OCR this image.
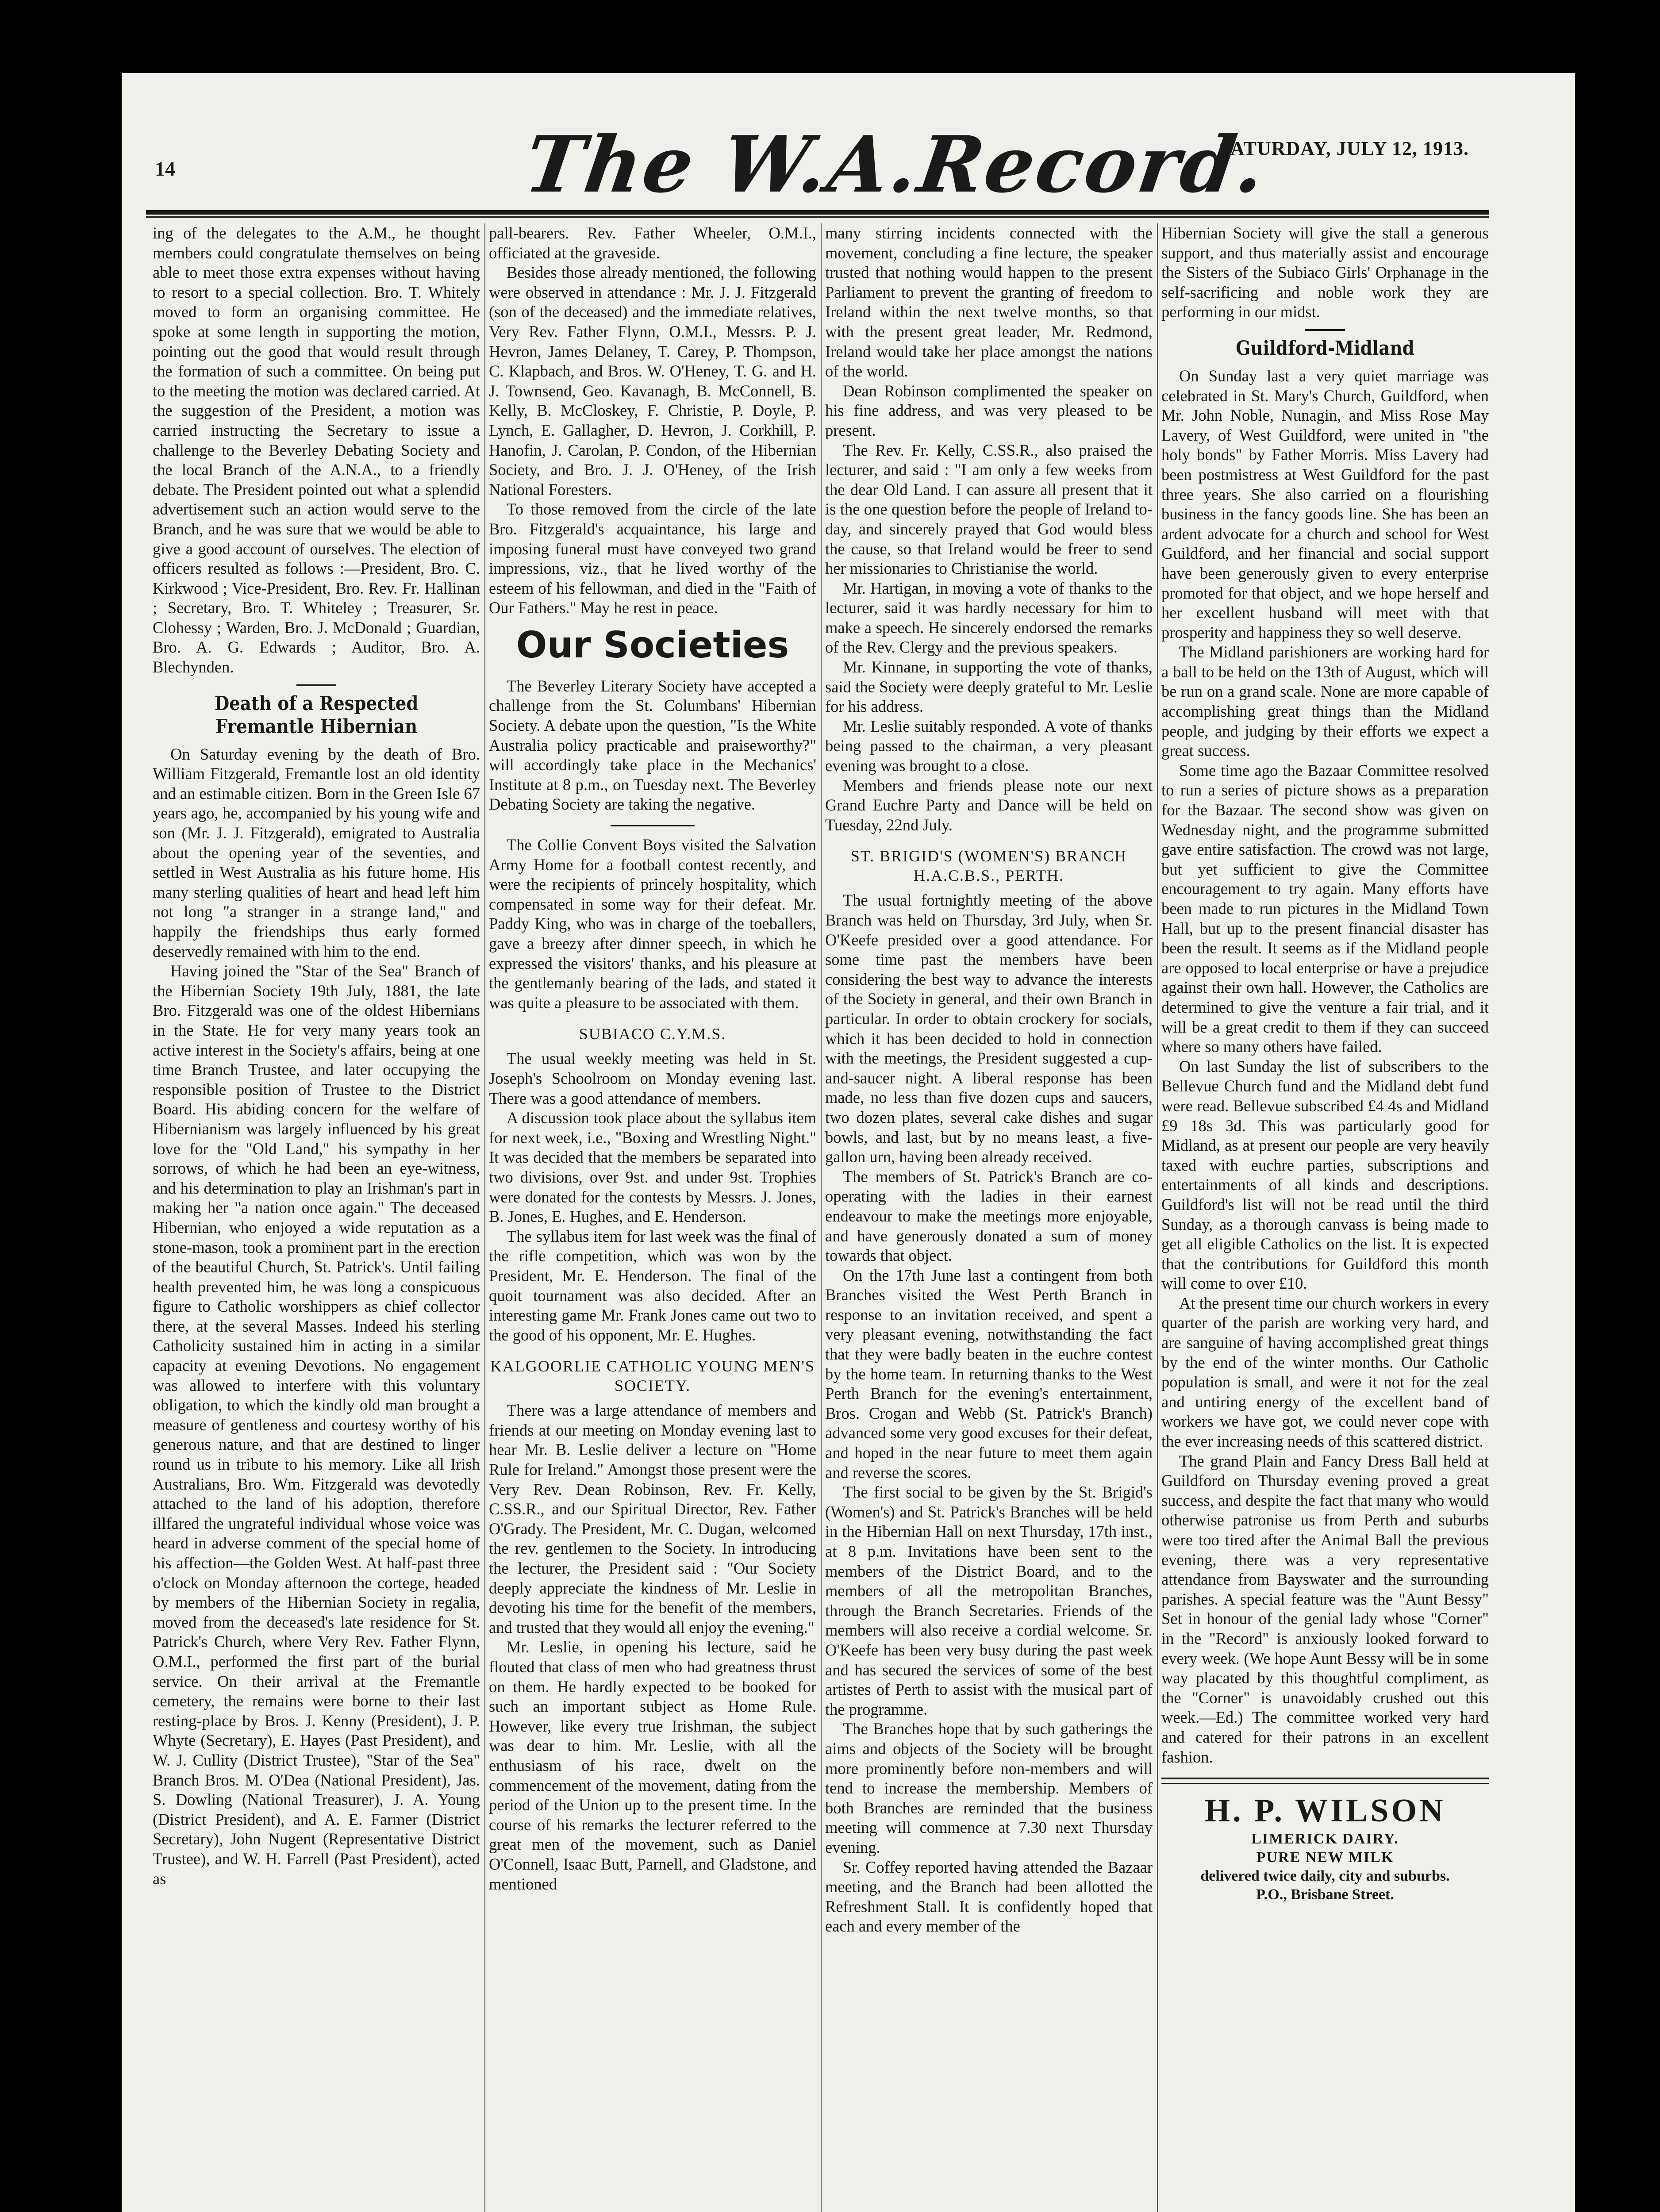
14	The W.A.Record.
SATURDAY, JULY 12, 1913.

ing of the delegates to the A.M., he thought members could congratulate themselves on being able to meet those extra expenses without having to resort to a special collection. Bro. T. Whitely moved to form an organising committee. He spoke at some length in supporting the motion, pointing out the good that would result through the formation of such a committee. On being put to the meeting the motion was declared carried. At the suggestion of the President, a motion was carried instructing the Secretary to issue a challenge to the Beverley Debating Society and the local Branch of the A.N.A., to a friendly debate. The President pointed out what a splendid advertisement such an action would serve to the Branch, and he was sure that we would be able to give a good account of ourselves. The election of officers resulted as follows :—President, Bro. C. Kirkwood ; Vice-President, Bro. Rev. Fr. Hallinan ; Secretary, Bro. T. Whiteley ; Treasurer, Sr. Clohessy ; Warden, Bro. J. McDonald ; Guardian, Bro. A. G. Edwards ; Auditor, Bro. A. Blechynden.

Death of a Respected Fremantle Hibernian

On Saturday evening by the death of Bro. William Fitzgerald, Fremantle lost an old identity and an estimable citizen. Born in the Green Isle 67 years ago, he, accompanied by his young wife and son (Mr. J. J. Fitzgerald), emigrated to Australia about the opening year of the seventies, and settled in West Australia as his future home. His many sterling qualities of heart and head left him not long "a stranger in a strange land," and happily the friendships thus early formed deservedly remained with him to the end.

Having joined the "Star of the Sea" Branch of the Hibernian Society 19th July, 1881, the late Bro. Fitzgerald was one of the oldest Hibernians in the State. He for very many years took an active interest in the Society's affairs, being at one time Branch Trustee, and later occupying the responsible position of Trustee to the District Board. His abiding concern for the welfare of Hibernianism was largely influenced by his great love for the "Old Land," his sympathy in her sorrows, of which he had been an eye-witness, and his determination to play an Irishman's part in making her "a nation once again." The deceased Hibernian, who enjoyed a wide reputation as a stone-mason, took a prominent part in the erection of the beautiful Church, St. Patrick's. Until failing health prevented him, he was long a conspicuous figure to Catholic worshippers as chief collector there, at the several Masses. Indeed his sterling Catholicity sustained him in acting in a similar capacity at evening Devotions. No engagement was allowed to interfere with this voluntary obligation, to which the kindly old man brought a measure of gentleness and courtesy worthy of his generous nature, and that are destined to linger round us in tribute to his memory. Like all Irish Australians, Bro. Wm. Fitzgerald was devotedly attached to the land of his adoption, therefore illfared the ungrateful individual whose voice was heard in adverse comment of the special home of his affection—the Golden West. At half-past three o'clock on Monday afternoon the cortege, headed by members of the Hibernian Society in regalia, moved from the deceased's late residence for St. Patrick's Church, where Very Rev. Father Flynn, O.M.I., performed the first part of the burial service. On their arrival at the Fremantle cemetery, the remains were borne to their last resting-place by Bros. J. Kenny (President), J. P. Whyte (Secretary), E. Hayes (Past President), and W. J. Cullity (District Trustee), "Star of the Sea" Branch Bros. M. O'Dea (National President), Jas. S. Dowling (National Treasurer), J. A. Young (District President), and A. E. Farmer (District Secretary), John Nugent (Representative District Trustee), and W. H. Farrell (Past President), acted as

pall-bearers. Rev. Father Wheeler, O.M.I., officiated at the graveside.

Besides those already mentioned, the following were observed in attendance : Mr. J. J. Fitzgerald (son of the deceased) and the immediate relatives, Very Rev. Father Flynn, O.M.I., Messrs. P. J. Hevron, James Delaney, T. Carey, P. Thompson, C. Klapbach, and Bros. W. O'Heney, T. G. and H. J. Townsend, Geo. Kavanagh, B. McConnell, B. Kelly, B. McCloskey, F. Christie, P. Doyle, P. Lynch, E. Gallagher, D. Hevron, J. Corkhill, P. Hanofin, J. Carolan, P. Condon, of the Hibernian Society, and Bro. J. J. O'Heney, of the Irish National Foresters.

To those removed from the circle of the late Bro. Fitzgerald's acquaintance, his large and imposing funeral must have conveyed two grand impressions, viz., that he lived worthy of the esteem of his fellowman, and died in the "Faith of Our Fathers." May he rest in peace.

Our Societies

The Beverley Literary Society have accepted a challenge from the St. Columbans' Hibernian Society. A debate upon the question, "Is the White Australia policy practicable and praiseworthy?" will accordingly take place in the Mechanics' Institute at 8 p.m., on Tuesday next. The Beverley Debating Society are taking the negative.

The Collie Convent Boys visited the Salvation Army Home for a football contest recently, and were the recipients of princely hospitality, which compensated in some way for their defeat. Mr. Paddy King, who was in charge of the toeballers, gave a breezy after dinner speech, in which he expressed the visitors' thanks, and his pleasure at the gentlemanly bearing of the lads, and stated it was quite a pleasure to be associated with them.

SUBIACO C.Y.M.S.

The usual weekly meeting was held in St. Joseph's Schoolroom on Monday evening last. There was a good attendance of members.

A discussion took place about the syllabus item for next week, i.e., "Boxing and Wrestling Night." It was decided that the members be separated into two divisions, over 9st. and under 9st. Trophies were donated for the contests by Messrs. J. Jones, B. Jones, E. Hughes, and E. Henderson.

The syllabus item for last week was the final of the rifle competition, which was won by the President, Mr. E. Henderson. The final of the quoit tournament was also decided. After an interesting game Mr. Frank Jones came out two to the good of his opponent, Mr. E. Hughes.

KALGOORLIE CATHOLIC YOUNG MEN'S SOCIETY.

There was a large attendance of members and friends at our meeting on Monday evening last to hear Mr. B. Leslie deliver a lecture on "Home Rule for Ireland." Amongst those present were the Very Rev. Dean Robinson, Rev. Fr. Kelly, C.SS.R., and our Spiritual Director, Rev. Father O'Grady. The President, Mr. C. Dugan, welcomed the rev. gentlemen to the Society. In introducing the lecturer, the President said : "Our Society deeply appreciate the kindness of Mr. Leslie in devoting his time for the benefit of the members, and trusted that they would all enjoy the evening."

Mr. Leslie, in opening his lecture, said he flouted that class of men who had greatness thrust on them. He hardly expected to be booked for such an important subject as Home Rule. However, like every true Irishman, the subject was dear to him. Mr. Leslie, with all the enthusiasm of his race, dwelt on the commencement of the movement, dating from the period of the Union up to the present time. In the course of his remarks the lecturer referred to the great men of the movement, such as Daniel O'Connell, Isaac Butt, Parnell, and Gladstone, and mentioned

many stirring incidents connected with the movement, concluding a fine lecture, the speaker trusted that nothing would happen to the present Parliament to prevent the granting of freedom to Ireland within the next twelve months, so that with the present great leader, Mr. Redmond, Ireland would take her place amongst the nations of the world.

Dean Robinson complimented the speaker on his fine address, and was very pleased to be present.

The Rev. Fr. Kelly, C.SS.R., also praised the lecturer, and said : "I am only a few weeks from the dear Old Land. I can assure all present that it is the one question before the people of Ireland to-day, and sincerely prayed that God would bless the cause, so that Ireland would be freer to send her missionaries to Christianise the world.

Mr. Hartigan, in moving a vote of thanks to the lecturer, said it was hardly necessary for him to make a speech. He sincerely endorsed the remarks of the Rev. Clergy and the previous speakers.

Mr. Kinnane, in supporting the vote of thanks, said the Society were deeply grateful to Mr. Leslie for his address.

Mr. Leslie suitably responded. A vote of thanks being passed to the chairman, a very pleasant evening was brought to a close.

Members and friends please note our next Grand Euchre Party and Dance will be held on Tuesday, 22nd July.

ST. BRIGID'S (WOMEN'S) BRANCH H.A.C.B.S., PERTH.

The usual fortnightly meeting of the above Branch was held on Thursday, 3rd July, when Sr. O'Keefe presided over a good attendance. For some time past the members have been considering the best way to advance the interests of the Society in general, and their own Branch in particular. In order to obtain crockery for socials, which it has been decided to hold in connection with the meetings, the President suggested a cup-and-saucer night. A liberal response has been made, no less than five dozen cups and saucers, two dozen plates, several cake dishes and sugar bowls, and last, but by no means least, a five-gallon urn, having been already received.

The members of St. Patrick's Branch are co-operating with the ladies in their earnest endeavour to make the meetings more enjoyable, and have generously donated a sum of money towards that object.

On the 17th June last a contingent from both Branches visited the West Perth Branch in response to an invitation received, and spent a very pleasant evening, notwithstanding the fact that they were badly beaten in the euchre contest by the home team. In returning thanks to the West Perth Branch for the evening's entertainment, Bros. Crogan and Webb (St. Patrick's Branch) advanced some very good excuses for their defeat, and hoped in the near future to meet them again and reverse the scores.

The first social to be given by the St. Brigid's (Women's) and St. Patrick's Branches will be held in the Hibernian Hall on next Thursday, 17th inst., at 8 p.m. Invitations have been sent to the members of the District Board, and to the members of all the metropolitan Branches, through the Branch Secretaries. Friends of the members will also receive a cordial welcome. Sr. O'Keefe has been very busy during the past week and has secured the services of some of the best artistes of Perth to assist with the musical part of the programme.

The Branches hope that by such gatherings the aims and objects of the Society will be brought more prominently before non-members and will tend to increase the membership. Members of both Branches are reminded that the business meeting will commence at 7.30 next Thursday evening.

Sr. Coffey reported having attended the Bazaar meeting, and the Branch had been allotted the Refreshment Stall. It is confidently hoped that each and every member of the

Hibernian Society will give the stall a generous support, and thus materially assist and encourage the Sisters of the Subiaco Girls' Orphanage in the self-sacrificing and noble work they are performing in our midst.

Guildford-Midland

On Sunday last a very quiet marriage was celebrated in St. Mary's Church, Guildford, when Mr. John Noble, Nunagin, and Miss Rose May Lavery, of West Guildford, were united in "the holy bonds" by Father Morris. Miss Lavery had been postmistress at West Guildford for the past three years. She also carried on a flourishing business in the fancy goods line. She has been an ardent advocate for a church and school for West Guildford, and her financial and social support have been generously given to every enterprise promoted for that object, and we hope herself and her excellent husband will meet with that prosperity and happiness they so well deserve.

The Midland parishioners are working hard for a ball to be held on the 13th of August, which will be run on a grand scale. None are more capable of accomplishing great things than the Midland people, and judging by their efforts we expect a great success.

Some time ago the Bazaar Committee resolved to run a series of picture shows as a preparation for the Bazaar. The second show was given on Wednesday night, and the programme submitted gave entire satisfaction. The crowd was not large, but yet sufficient to give the Committee encouragement to try again. Many efforts have been made to run pictures in the Midland Town Hall, but up to the present financial disaster has been the result. It seems as if the Midland people are opposed to local enterprise or have a prejudice against their own hall. However, the Catholics are determined to give the venture a fair trial, and it will be a great credit to them if they can succeed where so many others have failed.

On last Sunday the list of subscribers to the Bellevue Church fund and the Midland debt fund were read. Bellevue subscribed £4 4s and Midland £9 18s 3d. This was particularly good for Midland, as at present our people are very heavily taxed with euchre parties, subscriptions and entertainments of all kinds and descriptions. Guildford's list will not be read until the third Sunday, as a thorough canvass is being made to get all eligible Catholics on the list. It is expected that the contributions for Guildford this month will come to over £10.

At the present time our church workers in every quarter of the parish are working very hard, and are sanguine of having accomplished great things by the end of the winter months. Our Catholic population is small, and were it not for the zeal and untiring energy of the excellent band of workers we have got, we could never cope with the ever increasing needs of this scattered district.

The grand Plain and Fancy Dress Ball held at Guildford on Thursday evening proved a great success, and despite the fact that many who would otherwise patronise us from Perth and suburbs were too tired after the Animal Ball the previous evening, there was a very representative attendance from Bayswater and the surrounding parishes. A special feature was the "Aunt Bessy" Set in honour of the genial lady whose "Corner" in the "Record" is anxiously looked forward to every week. (We hope Aunt Bessy will be in some way placated by this thoughtful compliment, as the "Corner" is unavoidably crushed out this week.—Ed.) The committee worked very hard and catered for their patrons in an excellent fashion.

H. P. WILSON
LIMERICK DAIRY.
PURE NEW MILK
delivered twice daily, city and suburbs.
P.O., Brisbane Street.
